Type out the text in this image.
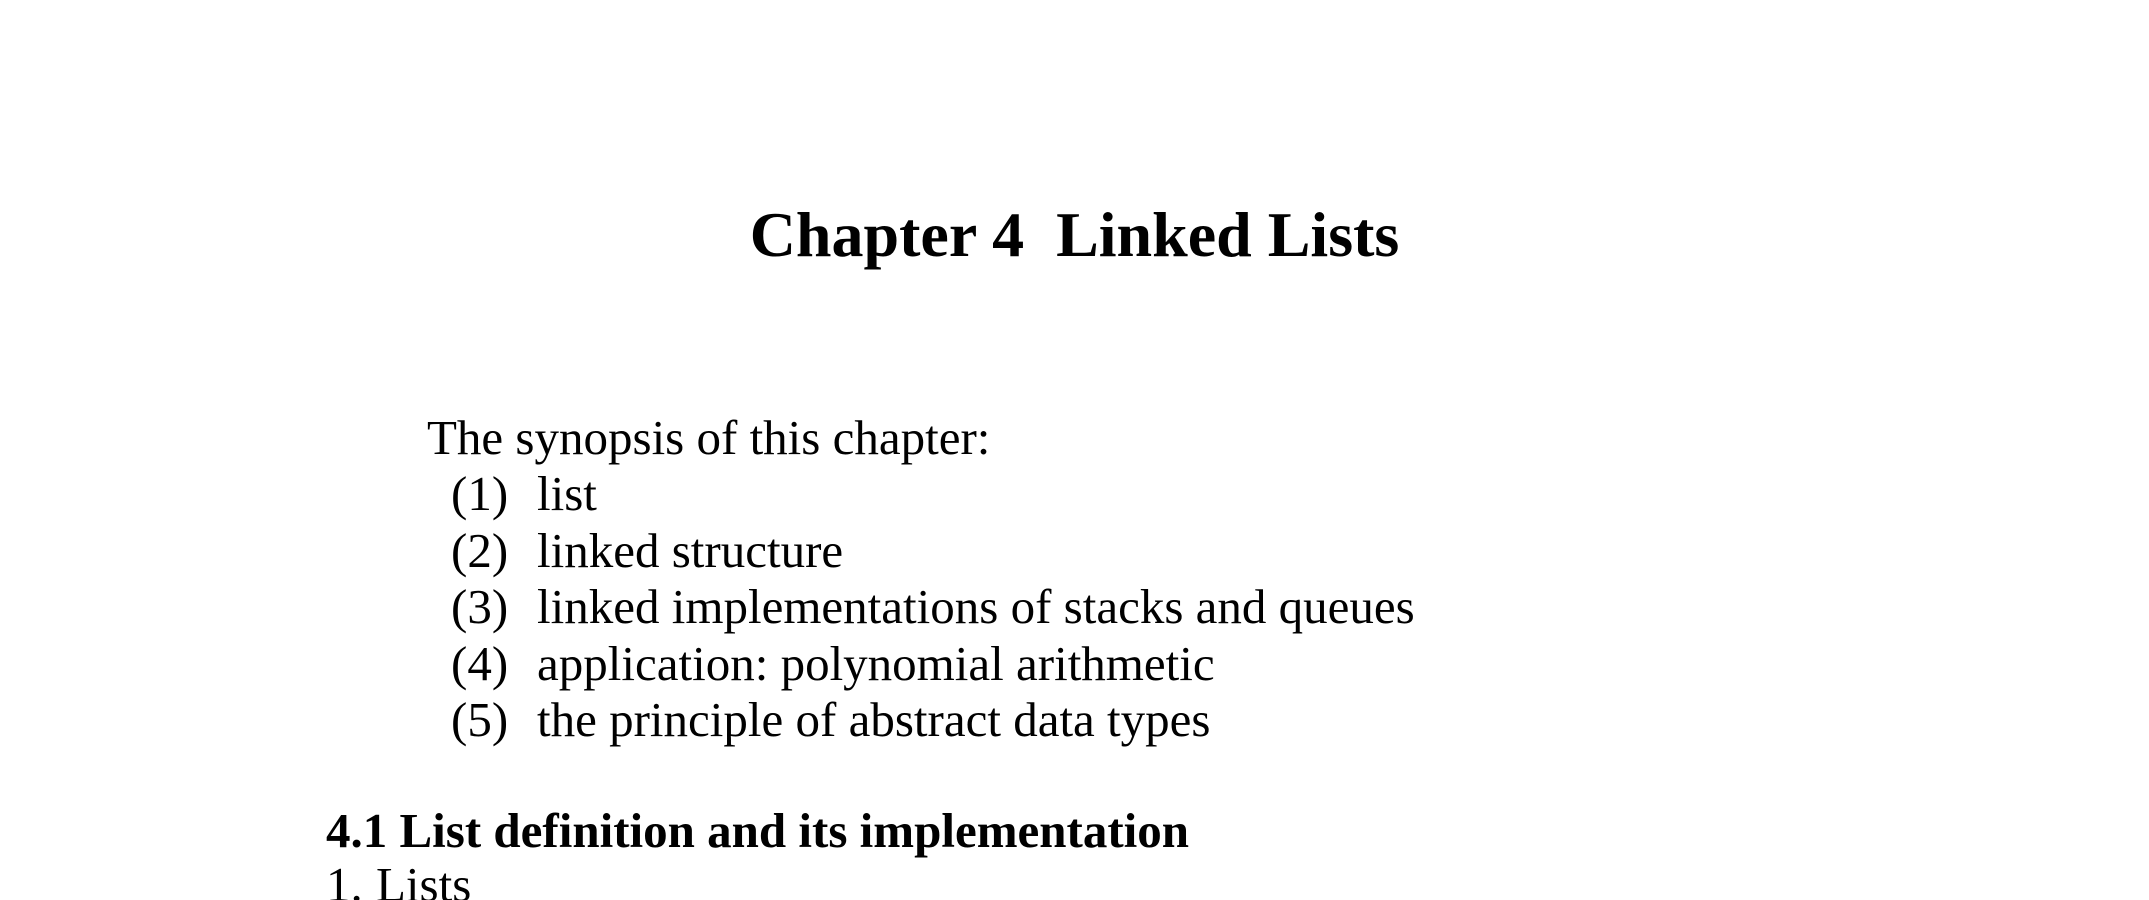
Chapter 4  Linked Lists
The synopsis of this chapter:
(1) list
(2) linked structure
(3) linked implementations of stacks and queues
(4) application: polynomial arithmetic
(5) the principle of abstract data types
4.1 List definition and its implementation
1. Lists
